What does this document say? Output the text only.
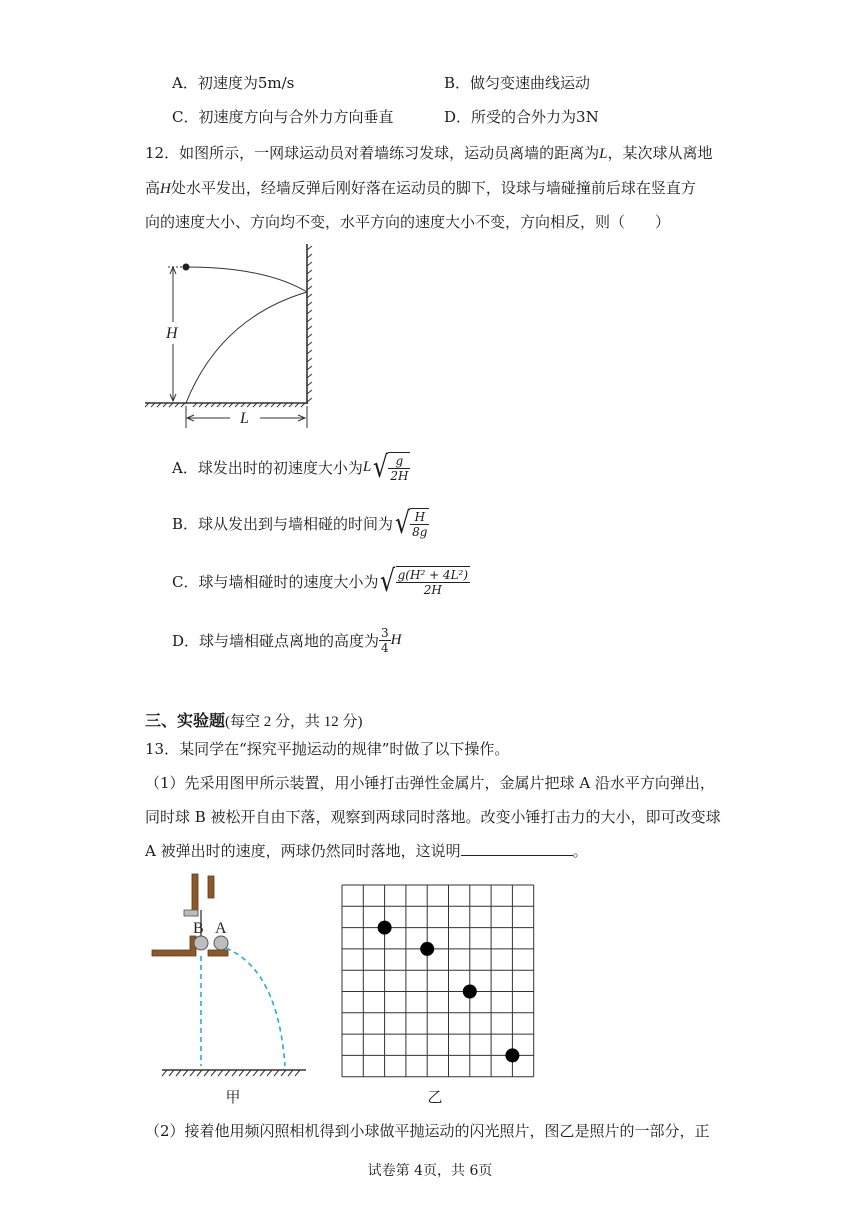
A．初速度为5m/s	B．做匀变速曲线运动
C．初速度方向与合外力方向垂直	D．所受的合外力为3N
12．如图所示，一网球运动员对着墙练习发球，运动员离墙的距离为L，某次球从离地
高H处水平发出，经墙反弹后刚好落在运动员的脚下，设球与墙碰撞前后球在竖直方
向的速度大小、方向均不变，水平方向的速度大小不变，方向相反，则（　　）
H
L
A．球发出时的初速度大小为$L√ \frac{g}{2H}$
B．球从发出到与墙相碰的时间为√ $\frac{H}{8g}$
C．球与墙相碰时的速度大小为√ $\frac{\text{g(H² + 4L²)}}{2H}$
D．球与墙相碰点离地的高度为 $\frac{3}{4}$ H
三、实验题(每空 2 分，共 12 分)
13．某同学在“探究平抛运动的规律”时做了以下操作。
（1）先采用图甲所示装置，用小锤打击弹性金属片，金属片把球 A 沿水平方向弹出，
同时球 B 被松开自由下落，观察到两球同时落地。改变小锤打击力的大小，即可改变球
A 被弹出时的速度，两球仍然同时落地，这说明	。
B A
甲	乙
（2）接着他用频闪照相机得到小球做平抛运动的闪光照片，图乙是照片的一部分，正
试卷第 4页，共 6页
